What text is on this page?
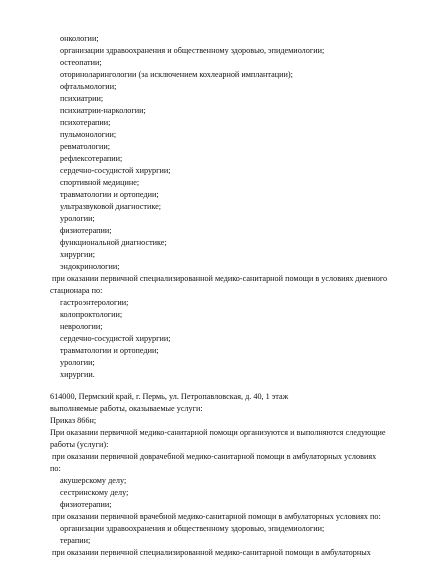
онкологии;
организации здравоохранения и общественному здоровью, эпидемиологии;
остеопатии;
оториноларингологии (за исключением кохлеарной имплантации);
офтальмологии;
психиатрии;
психиатрии-наркологии;
психотерапии;
пульмонологии;
ревматологии;
рефлексотерапии;
сердечно-сосудистой хирургии;
спортивной медицине;
травматологии и ортопедии;
ультразвуковой диагностике;
урологии;
физиотерапии;
функциональной диагностике;
хирургии;
эндокринологии;
при оказании первичной специализированной медико-санитарной помощи в условиях дневного
стационара по:
гастроэнтерологии;
колопроктологии;
неврологии;
сердечно-сосудистой хирургии;
травматологии и ортопедии;
урологии;
хирургии.
614000, Пермский край, г. Пермь, ул. Петропавловская, д. 40, 1 этаж
выполняемые работы, оказываемые услуги:
Приказ 866н;
При оказании первичной медико-санитарной помощи организуются и выполняются следующие
работы (услуги):
при оказании первичной доврачебной медико-санитарной помощи в амбулаторных условиях
по:
акушерскому делу;
сестринскому делу;
физиотерапии;
при оказании первичной врачебной медико-санитарной помощи в амбулаторных условиях по:
организации здравоохранения и общественному здоровью, эпидемиологии;
терапии;
при оказании первичной специализированной медико-санитарной помощи в амбулаторных
